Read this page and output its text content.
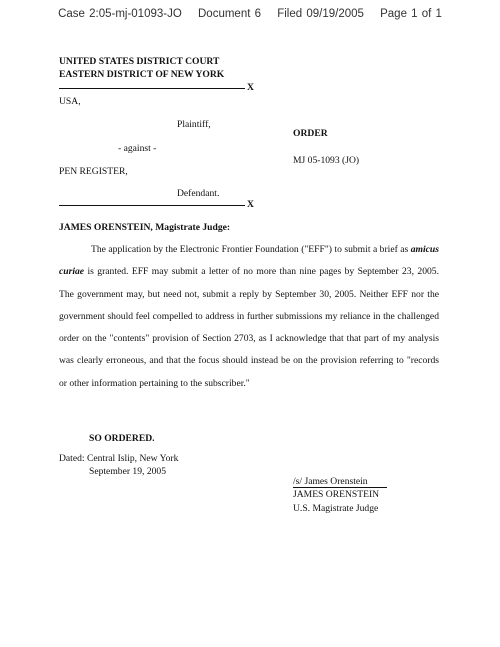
Case 2:05-mj-01093-JO Document 6 Filed 09/19/2005 Page 1 of 1
UNITED STATES DISTRICT COURT
EASTERN DISTRICT OF NEW YORK
X
USA,
Plaintiff,
ORDER
- against -
MJ 05-1093 (JO)
PEN REGISTER,
Defendant.
X
JAMES ORENSTEIN, Magistrate Judge:

The application by the Electronic Frontier Foundation ("EFF") to submit a brief as amicus curiae is granted. EFF may submit a letter of no more than nine pages by September 23, 2005. The government may, but need not, submit a reply by September 30, 2005. Neither EFF nor the government should feel compelled to address in further submissions my reliance in the challenged order on the "contents" provision of Section 2703, as I acknowledge that that part of my analysis was clearly erroneous, and that the focus should instead be on the provision referring to "records or other information pertaining to the subscriber."

SO ORDERED.
Dated: Central Islip, New York
September 19, 2005
/s/ James Orenstein
JAMES ORENSTEIN
U.S. Magistrate Judge
